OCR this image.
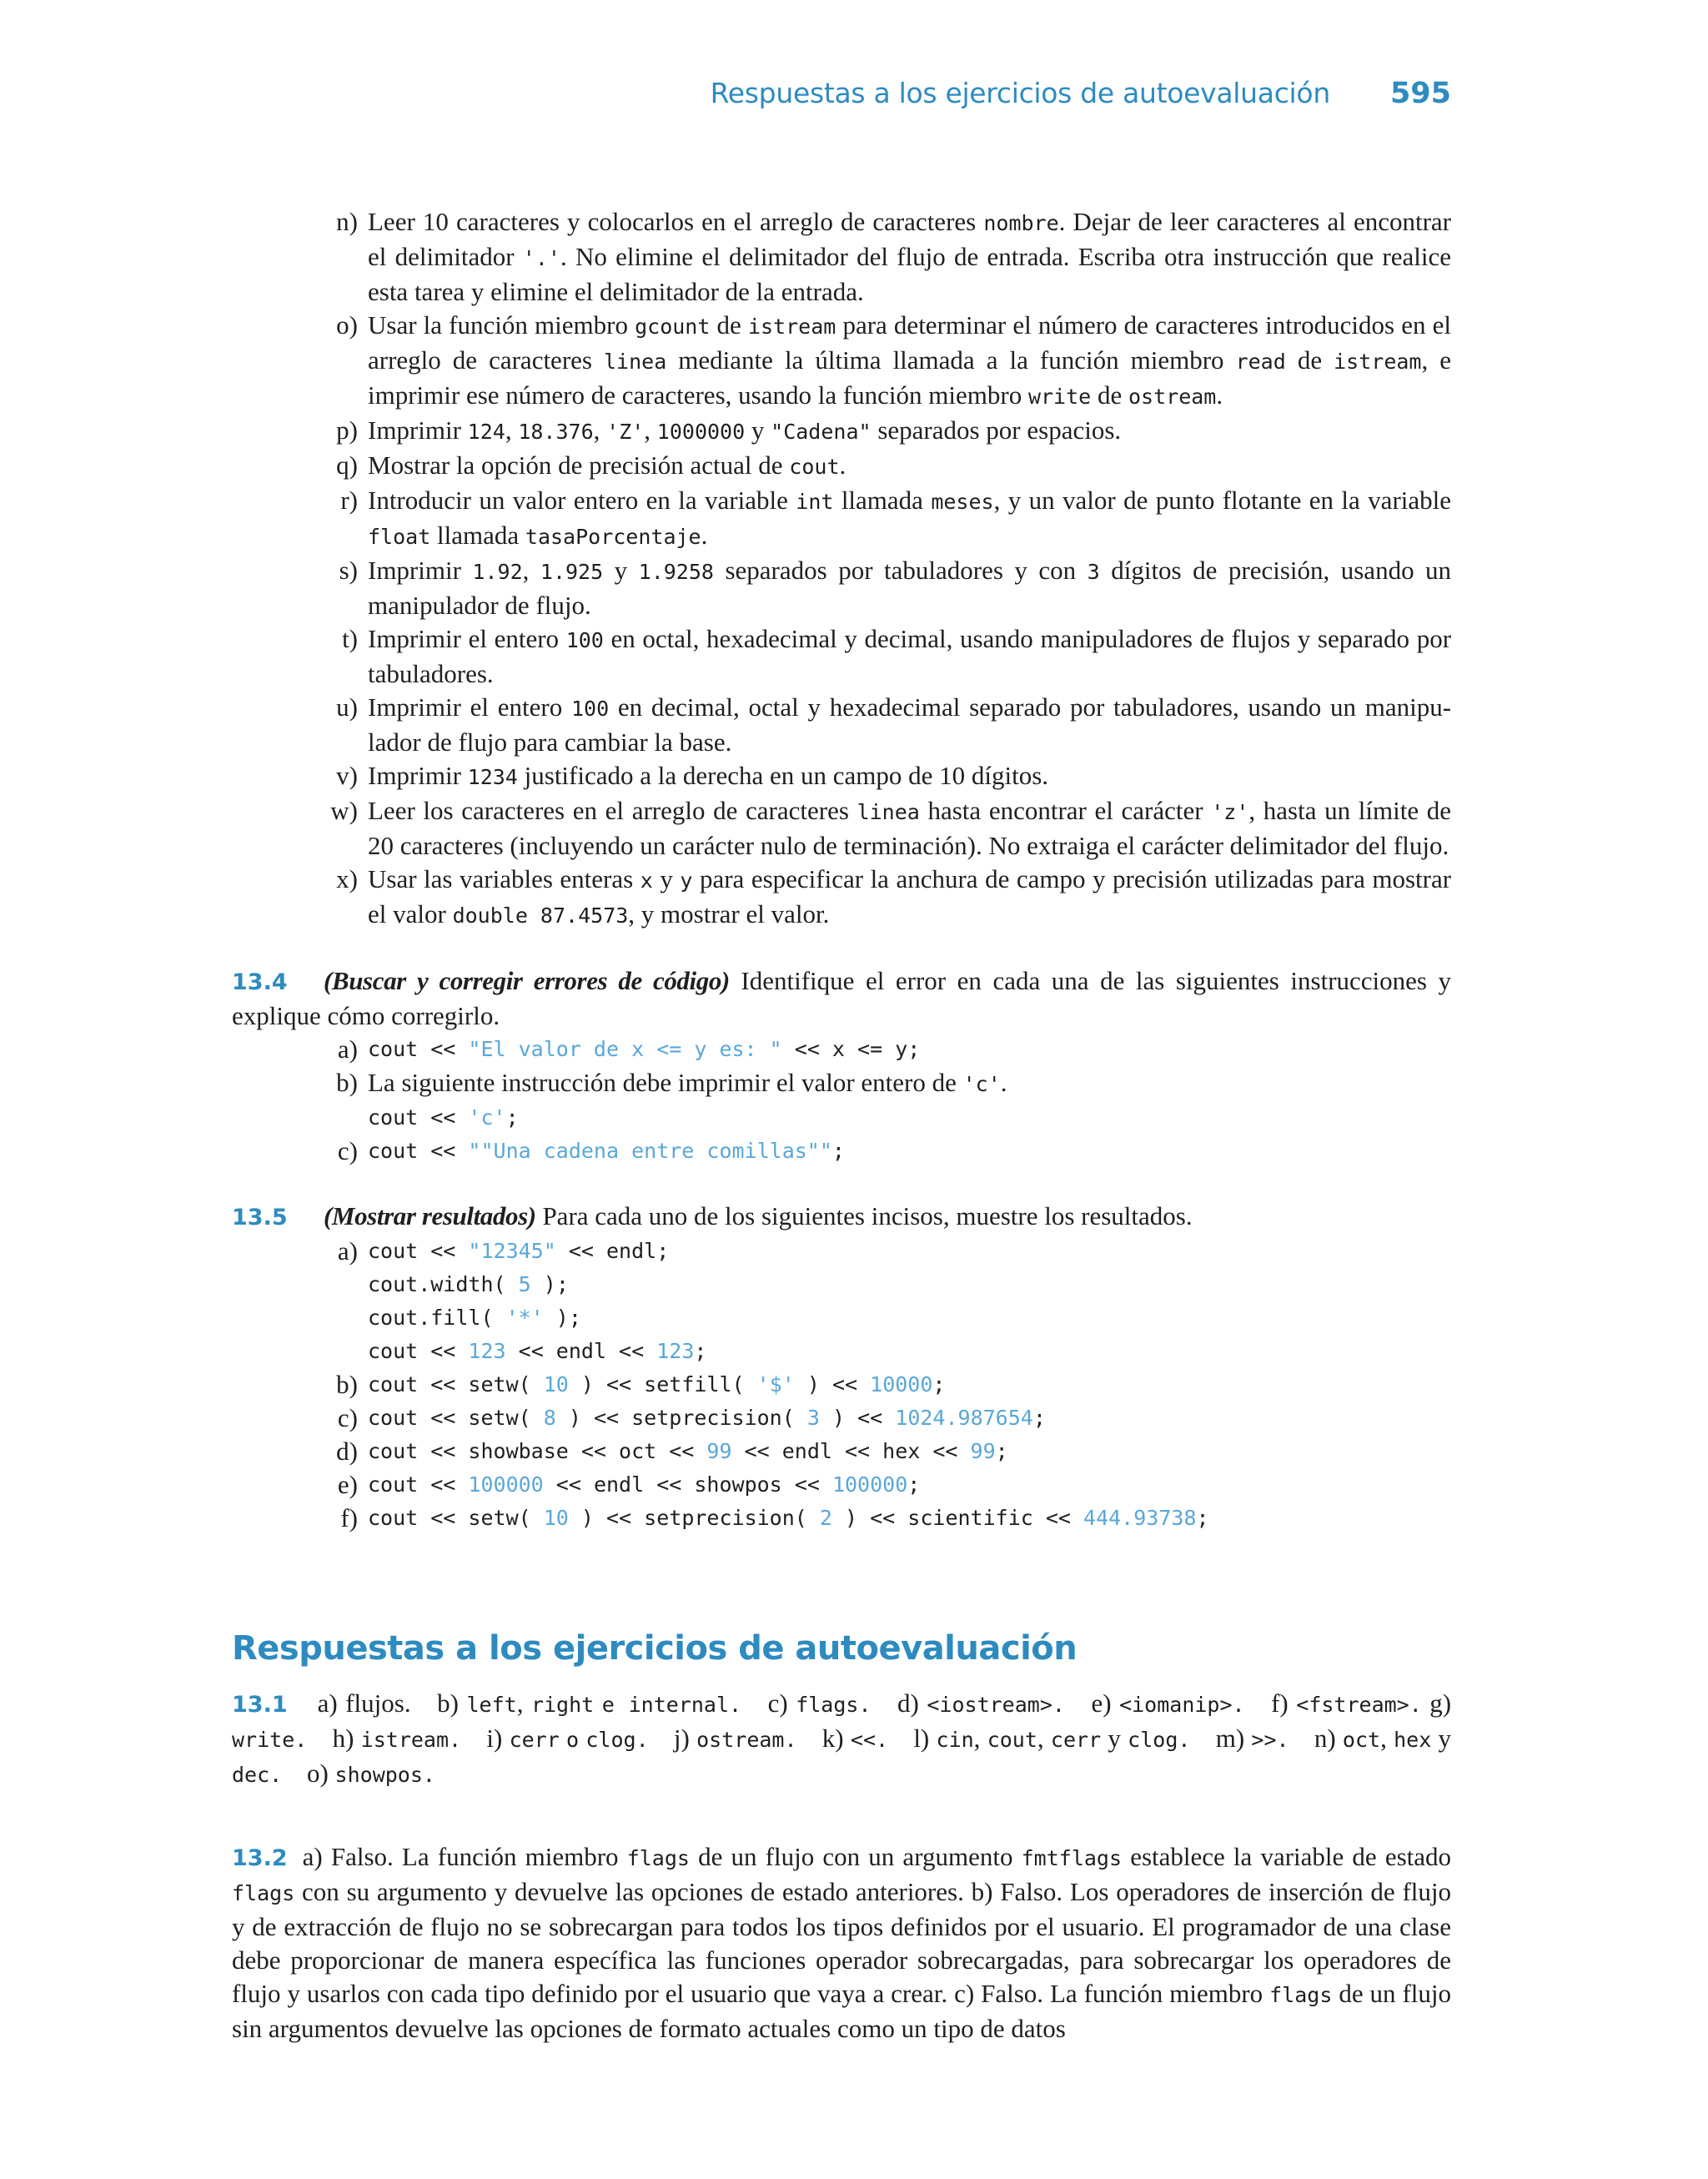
Respuestas a los ejercicios de autoevaluación 595
n) Leer 10 caracteres y colocarlos en el arreglo de caracteres nombre. Dejar de leer caracteres al encontrar el delimitador '.'. No elimine el delimitador del flujo de entrada. Escriba otra instrucción que realice esta tarea y elimine el delimitador de la entrada.
o) Usar la función miembro gcount de istream para determinar el número de caracteres introducidos en el arreglo de caracteres linea mediante la última llamada a la función miembro read de istream, e imprimir ese número de caracteres, usando la función miembro write de ostream.
p) Imprimir 124, 18.376, 'Z', 1000000 y "Cadena" separados por espacios.
q) Mostrar la opción de precisión actual de cout.
r) Introducir un valor entero en la variable int llamada meses, y un valor de punto flotante en la variable float llamada tasaPorcentaje.
s) Imprimir 1.92, 1.925 y 1.9258 separados por tabuladores y con 3 dígitos de precisión, usando un manipulador de flujo.
t) Imprimir el entero 100 en octal, hexadecimal y decimal, usando manipuladores de flujos y separado por tabuladores.
u) Imprimir el entero 100 en decimal, octal y hexadecimal separado por tabuladores, usando un manipu-lador de flujo para cambiar la base.
v) Imprimir 1234 justificado a la derecha en un campo de 10 dígitos.
w) Leer los caracteres en el arreglo de caracteres linea hasta encontrar el carácter 'z', hasta un límite de 20 caracteres (incluyendo un carácter nulo de terminación). No extraiga el carácter delimitador del flujo.
x) Usar las variables enteras x y y para especificar la anchura de campo y precisión utilizadas para mostrar el valor double 87.4573, y mostrar el valor.
13.4 (Buscar y corregir errores de código) Identifique el error en cada una de las siguientes instrucciones y explique cómo corregirlo.
a) cout << "El valor de x <= y es: " << x <= y;
b) La siguiente instrucción debe imprimir el valor entero de 'c'.
cout << 'c';
c) cout << ""Una cadena entre comillas"";
13.5 (Mostrar resultados) Para cada uno de los siguientes incisos, muestre los resultados.
a) cout << "12345" << endl;
cout.width( 5 );
cout.fill( '*' );
cout << 123 << endl << 123;
b) cout << setw( 10 ) << setfill( '$' ) << 10000;
c) cout << setw( 8 ) << setprecision( 3 ) << 1024.987654;
d) cout << showbase << oct << 99 << endl << hex << 99;
e) cout << 100000 << endl << showpos << 100000;
f) cout << setw( 10 ) << setprecision( 2 ) << scientific << 444.93738;
Respuestas a los ejercicios de autoevaluación
13.1 a) flujos. b) left, right e internal. c) flags. d) <iostream>. e) <iomanip>. f) <fstream>. g) write. h) istream. i) cerr o clog. j) ostream. k) <<. l) cin, cout, cerr y clog. m) >>. n) oct, hex y dec. o) showpos.
13.2 a) Falso. La función miembro flags de un flujo con un argumento fmtflags establece la variable de estado flags con su argumento y devuelve las opciones de estado anteriores. b) Falso. Los operadores de inserción de flujo y de extracción de flujo no se sobrecargan para todos los tipos definidos por el usuario. El programador de una clase debe proporcionar de manera específica las funciones operador sobrecargadas, para sobrecargar los operadores de flujo y usarlos con cada tipo definido por el usuario que vaya a crear. c) Falso. La función miembro flags de un flujo sin argumentos devuelve las opciones de formato actuales como un tipo de datos
